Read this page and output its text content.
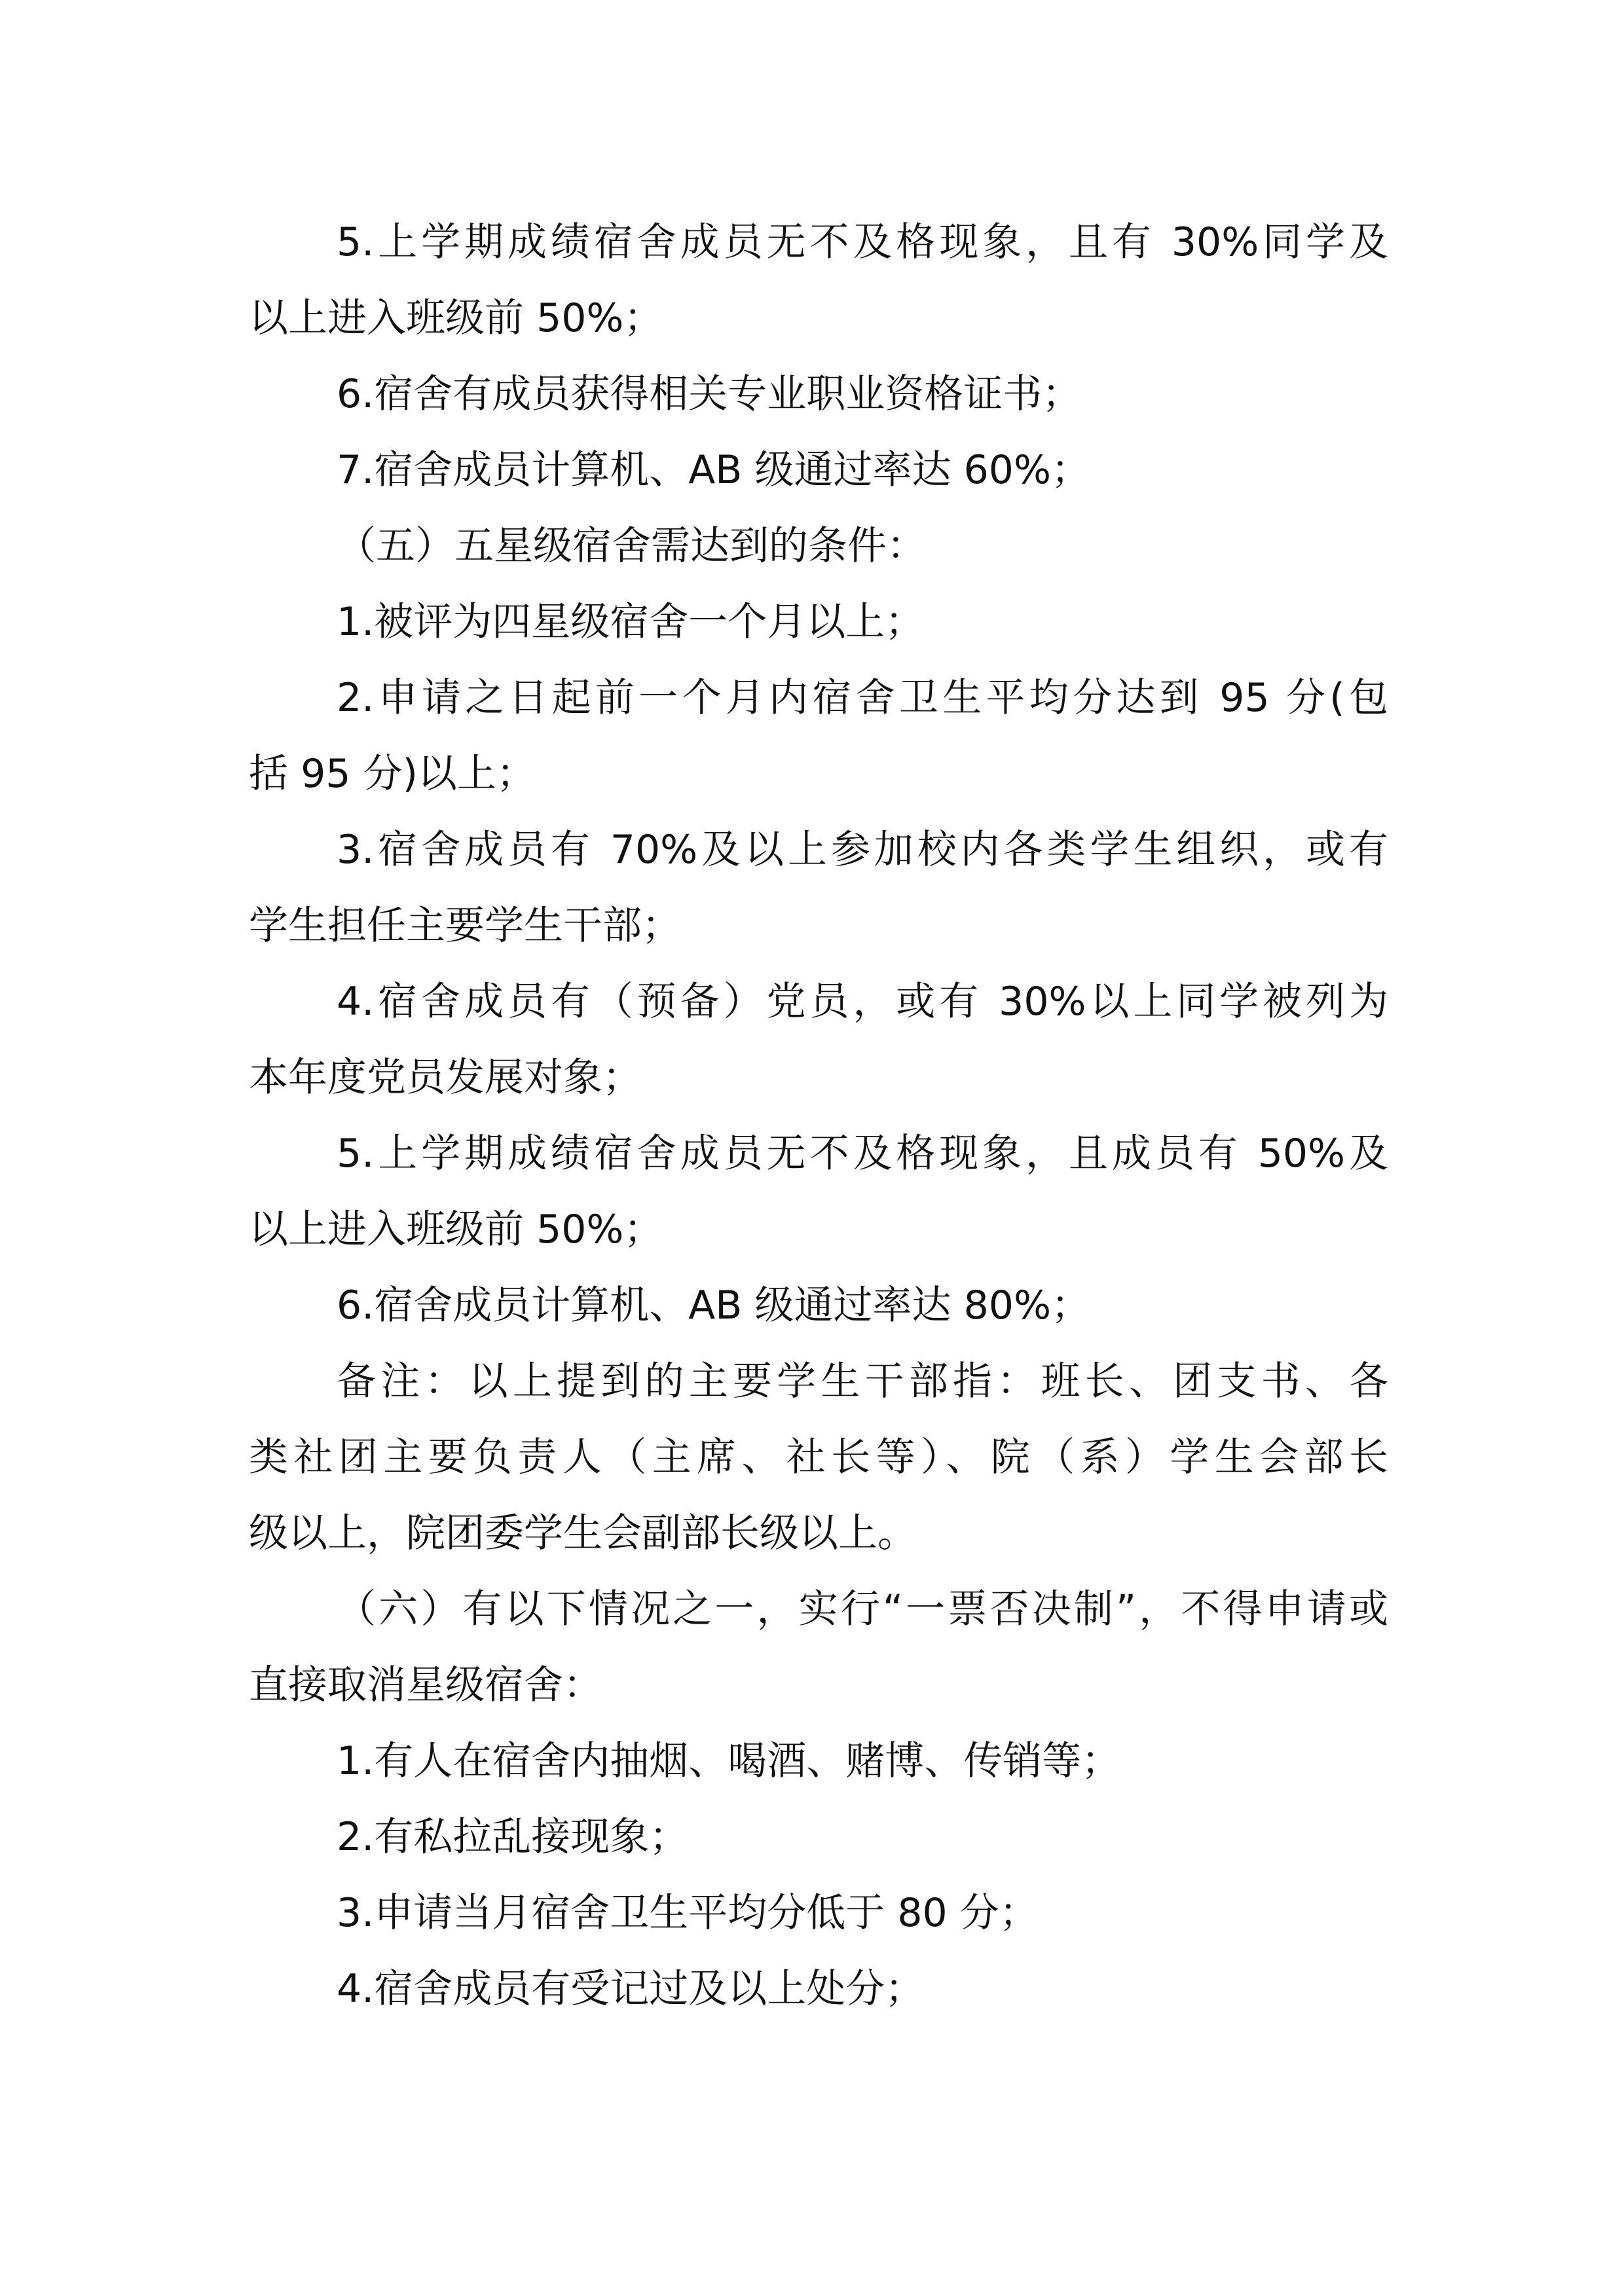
5.上学期成绩宿舍成员无不及格现象，且有 30%同学及
以上进入班级前 50%；
6.宿舍有成员获得相关专业职业资格证书；
7.宿舍成员计算机、AB 级通过率达 60%；
（五）五星级宿舍需达到的条件：
1.被评为四星级宿舍一个月以上；
2.申请之日起前一个月内宿舍卫生平均分达到 95 分(包
括 95 分)以上；
3.宿舍成员有 70%及以上参加校内各类学生组织，或有
学生担任主要学生干部；
4.宿舍成员有（预备）党员，或有 30%以上同学被列为
本年度党员发展对象；
5.上学期成绩宿舍成员无不及格现象，且成员有 50%及
以上进入班级前 50%；
6.宿舍成员计算机、AB 级通过率达 80%；
备注：以上提到的主要学生干部指：班长、团支书、各
类社团主要负责人（主席、社长等）、院（系）学生会部长
级以上，院团委学生会副部长级以上。
（六）有以下情况之一，实行“一票否决制”，不得申请或
直接取消星级宿舍：
1.有人在宿舍内抽烟、喝酒、赌博、传销等；
2.有私拉乱接现象；
3.申请当月宿舍卫生平均分低于 80 分；
4.宿舍成员有受记过及以上处分；
